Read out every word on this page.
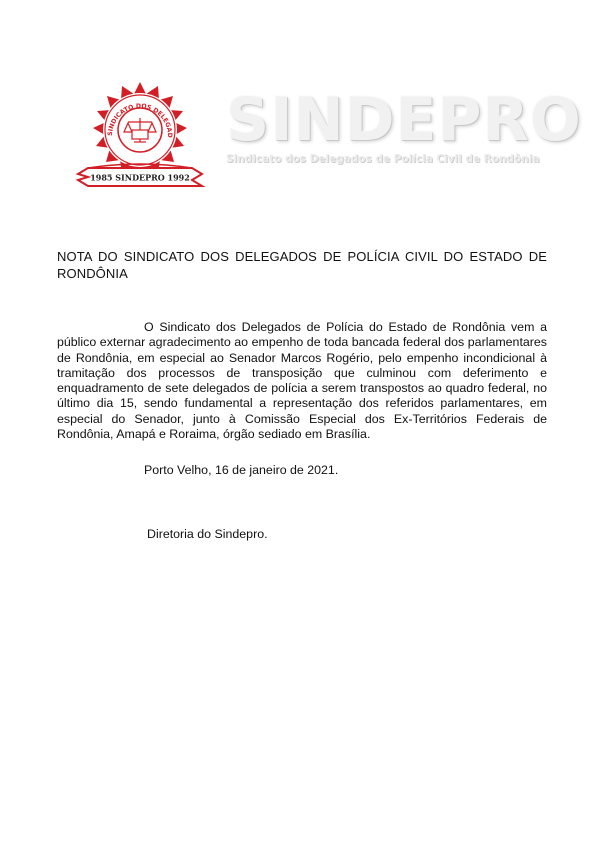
SINDICATO DOS DELEGAD
1985 SINDEPRO 1992
SINDEPRO
Sindicato dos Delegados de Polícia Civil de Rondônia
NOTA DO SINDICATO DOS DELEGADOS DE POLÍCIA CIVIL DO ESTADO DE
RONDÔNIA

O Sindicato dos Delegados de Polícia do Estado de Rondônia vem a público externar agradecimento ao empenho de toda bancada federal dos parlamentares de Rondônia, em especial ao Senador Marcos Rogério, pelo empenho incondicional à tramitação dos processos de transposição que culminou com deferimento e enquadramento de sete delegados de polícia a serem transpostos ao quadro federal, no último dia 15, sendo fundamental a representação dos referidos parlamentares, em especial do Senador, junto à Comissão Especial dos Ex-Territórios Federais de Rondônia, Amapá e Roraima, órgão sediado em Brasília.

Porto Velho, 16 de janeiro de 2021.
Diretoria do Sindepro.
